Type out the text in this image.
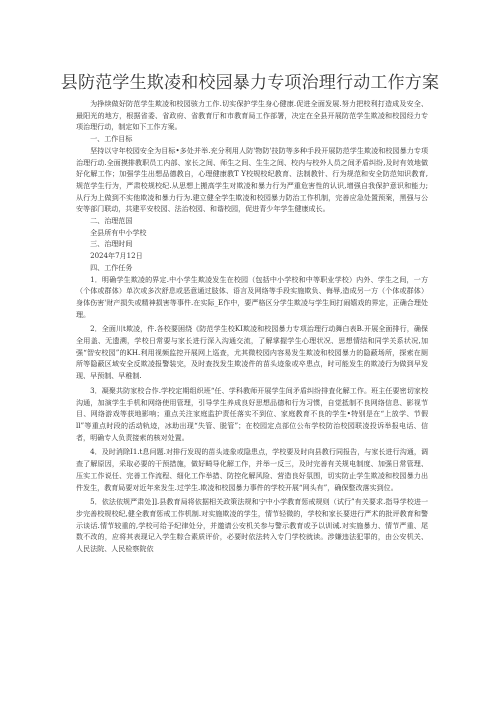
县防范学生欺凌和校园暴力专项治理行动工作方案

为挣续做好防范学生欺凌和校园骇力工作.切实保护学生身心健康.促进全面发展.努力把校利打造成及安全、最阳光的地方，根据省委、省政府、省教育厅和市教育局工作部署，决定在全县开展防范学生欺凌和校园经力专项治理行动，制定如下工作方案。

一、工作目标

坚持以守年校园安全为目标•多处并举.充分利用人防'物防'技防等多种手段开展防范学生欺凌和校园暴力专项治理行动.全面摸排教职员工内部、家长之间、师生之间、生生之间、校内与校外人员之间矛盾纠纷,及时有效地做好化解工作；加强学生出想品德教自，心理健康教T Y校规校纪教育、法制教针、行为规范和安全防范知识教育,规范学生行为，严肃校规校纪.从思想上搬高学生对欺凌和暴力行为严重危害性的认识,增强自我保护意识和能力;从行为上做到不实他欺凌和暴力行为.建立健全学生欺凌和校园暴力防治工作机制，完善应急处置预案，黑强与公安等部门联动，共建平安校园、法治校园、和谐校园，促进青少年学生健康成长。

二、治理范国

全县所有中小学校

三、治理时间

2024年7月12日

四、工作任务

1．明确学生欺凌的界定.中小学生欺凌发生在校园（包括中小学校和中等职业学校）内外、学生之间，一方（个体或群体）单次或多次舒息或恶意通过肢体、语言及网络等手段实施欺负、侮辱,造成另一方（个体或群体）身体伤害'财产损失或精神损害等事件.在实际_E作中，要严格区分学生欺凌与学生间打闹嬉戏的界定，正确合理处理。

2．全面川t欺凌，件.各校要困绕《防范学生校KI欺凌和校园暴力专项治理行动舞白表B.开展全面排行，确保全用盖、无遗溯，学校日常要与家长进行深入沟通交流，了解掌握学生心理状况、思想情结和同学关系状况,加强“智安校园”的KH.利用视频监控开展网上巡查，尤其微校园内容易发生欺凌和校园暴力的隐蔽场所，探索在厕所等隐蔽区域安全反欺凌报警装完，及时查找发生欺凌件的苗头迹象或卒患点，时可能发生的欺凌行为做到早发现、早预制、早稚制.

3．凝聚共防家校合作.学校定期组织班“任、学科教师开展学生间矛盾纠纷排査化解工作。班主任要密切家校沟通，加演学生手机和网络使用管理，引导学生养成良好思想品德和行为习惯，自觉抵制不良网络信息、影视节目、网络游戏等获地影响；重点关注家庭监护责任落实不到位、家庭教育不良的学生•特别是在“上放学、节假ll”等重点时段的活动轨迹，冰助出现“失管、脱管”；在校园定点部位公布学校防治校园联凌投诉举报电话、信者，明确专人负责接索的核对处置。

4．及时消除I1.t息问题.对排行发现的苗头迹象或隐患点，学校要及时向县教行同报告，与家长进行沟通，调查了解原因，采取必要的干预措施，做好畸导化解工作，并举一反三，及时完善有关规电制度、加强日常管理、压实工作说任、完善工作流程、细化工作举措、防控化解风险、营造良好氛围，切实防止学生欺凌和校园暴力出件发生，教育局要对近年来发生.过学生.欺凌和校园暴力事件的学校开展“网头有”，确保整改落实到位。

5．依法依规严肃处]].县教育局将依据相关政策法规和宁中小学教育惩戒规则（试行”有关要求.指导学校进一步完善校规校纪,健全教育惩戒工作机制.对实施欺凌的学生，情节轻微的，学校和家长要进行严术的批评教育和警示谈话.情节较重的,学校可给予纪律处分，并邀请公安机关参与警示教育或予以训诫.对实施暴力、情节严重、尾数不改的，应将其表现记入学生粽合素质评价，必要时依法转入专门学校就读。涉嫌违法犯罪的，由公安机关、人民法院、人民检察院依
